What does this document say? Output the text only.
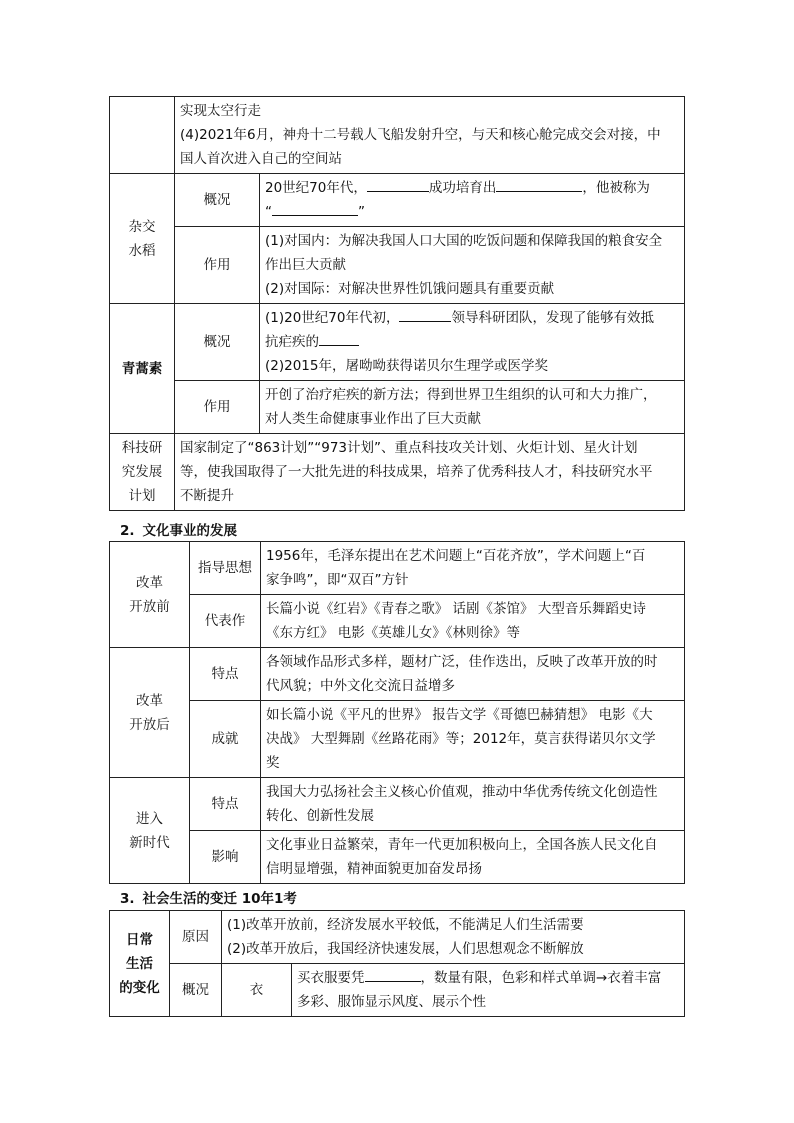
	实现太空行走
(4)2021年6月，神舟十二号载人飞船发射升空，与天和核心舱完成交会对接，中
国人首次进入自己的空间站	

杂交
水稻	概况	20世纪70年代， 成功培育出 ，他被称为
“ ”

	作用	(1)对国内：为解决我国人口大国的吃饭问题和保障我国的粮食安全
作出巨大贡献
(2)对国际：对解决世界性饥饿问题具有重要贡献

青蒿素	概况	(1)20世纪70年代初， 领导科研团队，发现了能够有效抵
抗疟疾的
(2)2015年，屠呦呦获得诺贝尔生理学或医学奖

	作用	开创了治疗疟疾的新方法；得到世界卫生组织的认可和大力推广，
对人类生命健康事业作出了巨大贡献

科技研
究发展
计划	国家制定了“863计划”“973计划”、重点科技攻关计划、火炬计划、星火计划
等，使我国取得了一大批先进的科技成果，培养了优秀科技人才，科技研究水平
不断提升	
2. 文化事业的发展
改革
开放前	指导思想	1956年，毛泽东提出在艺术问题上“百花齐放”，学术问题上“百
家争鸣”，即“双百”方针

	代表作	长篇小说《红岩》《青春之歌》 话剧《茶馆》 大型音乐舞蹈史诗
《东方红》 电影《英雄儿女》《林则徐》等

改革
开放后	特点	各领域作品形式多样，题材广泛，佳作迭出，反映了改革开放的时
代风貌；中外文化交流日益增多

	成就	如长篇小说《平凡的世界》 报告文学《哥德巴赫猜想》 电影《大
决战》 大型舞剧《丝路花雨》等；2012年，莫言获得诺贝尔文学
奖

进入
新时代	特点	我国大力弘扬社会主义核心价值观，推动中华优秀传统文化创造性
转化、创新性发展

	影响	文化事业日益繁荣，青年一代更加积极向上，全国各族人民文化自
信明显增强，精神面貌更加奋发昂扬
3. 社会生活的变迁 10年1考
日常
生活
的变化	原因	(1)改革开放前，经济发展水平较低，不能满足人们生活需要
(2)改革开放后，我国经济快速发展，人们思想观念不断解放	

	概况	衣	买衣服要凭 ，数量有限，色彩和样式单调→衣着丰富
多彩、服饰显示风度、展示个性
